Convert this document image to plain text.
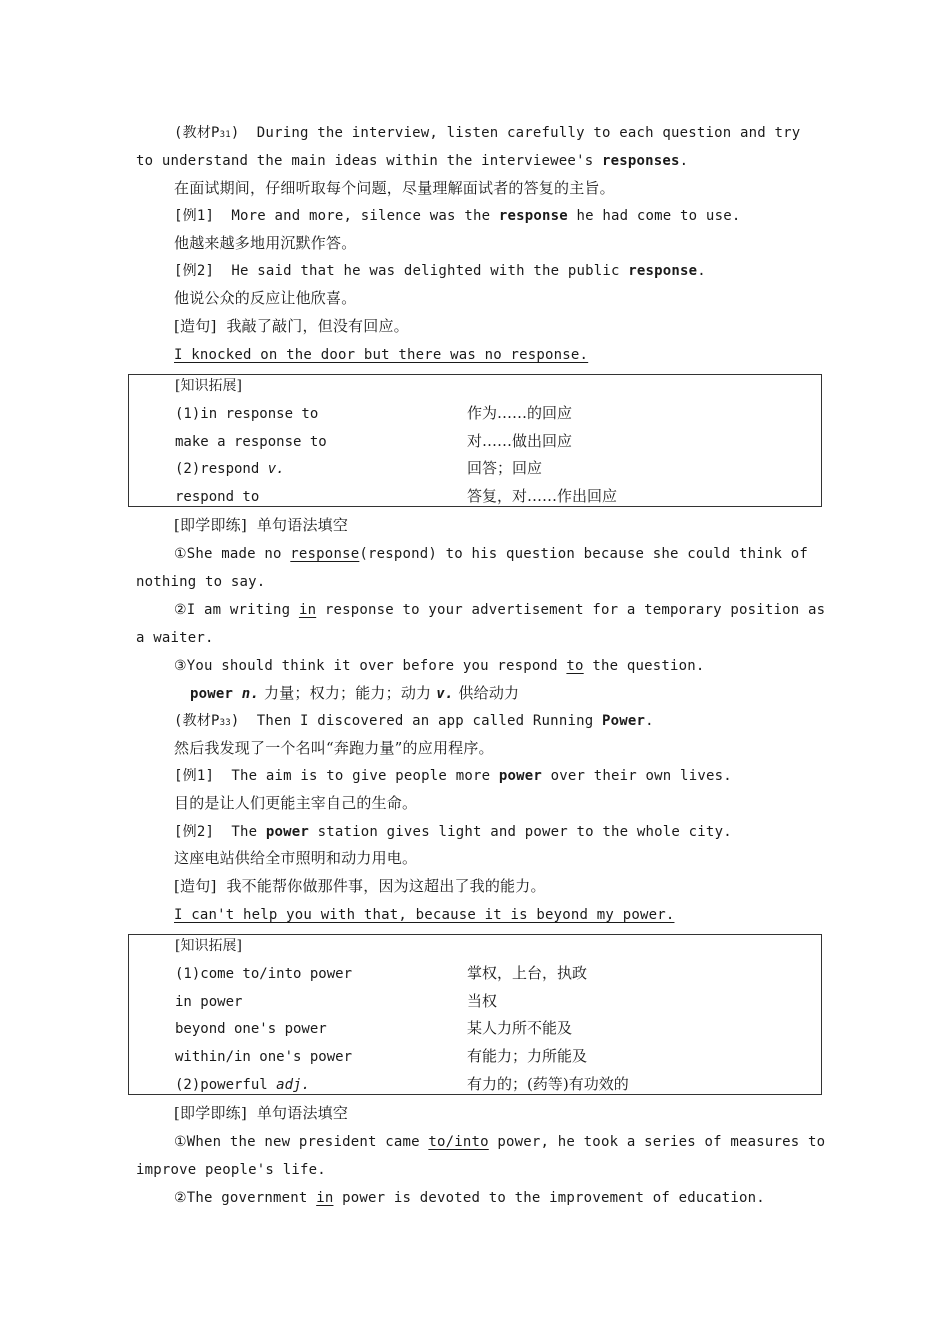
(教材P31)  During the interview, listen carefully to each question and try
to understand the main ideas within the interviewee's responses.
在面试期间，仔细听取每个问题，尽量理解面试者的答复的主旨。
[例1]  More and more, silence was the response he had come to use.
他越来越多地用沉默作答。
[例2]  He said that he was delighted with the public response.
他说公众的反应让他欣喜。
[造句]  我敲了敲门，但没有回应。
I knocked on the door but there was no response.
[知识拓展]
(1)in response to	作为……的回应
make a response to	对……做出回应
(2)respond v.	回答；回应
respond to	答复，对……作出回应
[即学即练]  单句语法填空
①She made no response(respond) to his question because she could think of
nothing to say.
②I am writing in response to your advertisement for a temporary position as
a waiter.
③You should think it over before you respond to the question.
power n. 力量；权力；能力；动力 v. 供给动力
(教材P33)  Then I discovered an app called Running Power.
然后我发现了一个名叫“奔跑力量”的应用程序。
[例1]  The aim is to give people more power over their own lives.
目的是让人们更能主宰自己的生命。
[例2]  The power station gives light and power to the whole city.
这座电站供给全市照明和动力用电。
[造句]  我不能帮你做那件事，因为这超出了我的能力。
I can't help you with that, because it is beyond my power.
[知识拓展]
(1)come to/into power	掌权，上台，执政
in power	当权
beyond one's power	某人力所不能及
within/in one's power	有能力；力所能及
(2)powerful adj.	有力的；(药等)有功效的
[即学即练]  单句语法填空
①When the new president came to/into power, he took a series of measures to
improve people's life.
②The government in power is devoted to the improvement of education.
